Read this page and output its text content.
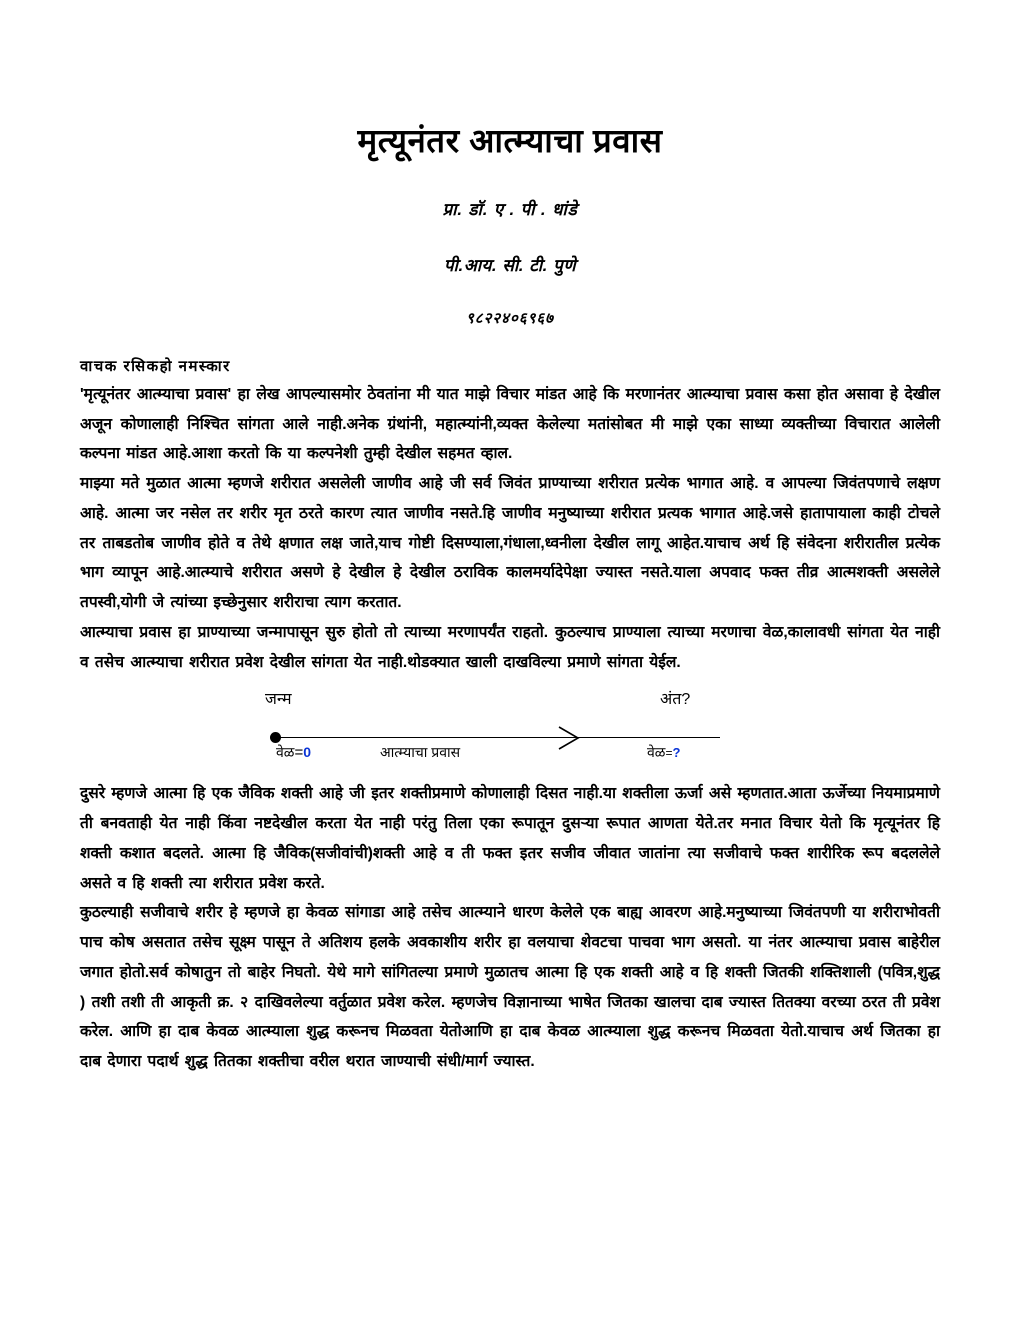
मृत्यूनंतर आत्म्याचा प्रवास

प्रा. डॉ. ए . पी . धांडे

पी.आय. सी. टी. पुणे

९८२२४०६९६७

वाचक रसिकहो नमस्कार

'मृत्यूनंतर आत्म्याचा प्रवास' हा लेख आपल्यासमोर ठेवतांना मी यात माझे विचार मांडत आहे कि मरणानंतर आत्म्याचा प्रवास कसा होत असावा हे देखील अजून कोणालाही निश्चित सांगता आले नाही.अनेक ग्रंथांनी, महात्म्यांनी,व्यक्त केलेल्या मतांसोबत मी माझे एका साध्या व्यक्तीच्या विचारात आलेली कल्पना मांडत आहे.आशा करतो कि या कल्पनेशी तुम्ही देखील सहमत व्हाल.

माझ्या मते मुळात आत्मा म्हणजे शरीरात असलेली जाणीव आहे जी सर्व जिवंत प्राण्याच्या शरीरात प्रत्येक भागात आहे. व आपल्या जिवंतपणाचे लक्षण आहे. आत्मा जर नसेल तर शरीर मृत ठरते कारण त्यात जाणीव नसते.हि जाणीव मनुष्याच्या शरीरात प्रत्यक भागात आहे.जसे हातापायाला काही टोचले तर ताबडतोब जाणीव होते व तेथे क्षणात लक्ष जाते,याच गोष्टी दिसण्याला,गंधाला,ध्वनीला देखील लागू आहेत.याचाच अर्थ हि संवेदना शरीरातील प्रत्येक भाग व्यापून आहे.आत्म्याचे शरीरात असणे हे देखील हे देखील ठराविक कालमर्यादेपेक्षा ज्यास्त नसते.याला अपवाद फक्त तीव्र आत्मशक्ती असलेले तपस्वी,योगी जे त्यांच्या इच्छेनुसार शरीराचा त्याग करतात.

आत्म्याचा प्रवास हा प्राण्याच्या जन्मापासून सुरु होतो तो त्याच्या मरणापर्यंत राहतो. कुठल्याच प्राण्याला त्याच्या मरणाचा वेळ,कालावधी सांगता येत नाही व तसेच आत्म्याचा शरीरात प्रवेश देखील सांगता येत नाही.थोडक्यात खाली दाखविल्या प्रमाणे सांगता येईल.

जन्म	अंत?
आत्म्याचा प्रवास
वेळ=0	वेळ=?

दुसरे म्हणजे आत्मा हि एक जैविक शक्ती आहे जी इतर शक्तीप्रमाणे कोणालाही दिसत नाही.या शक्तीला ऊर्जा असे म्हणतात.आता ऊर्जेच्या नियमाप्रमाणे ती बनवताही येत नाही किंवा नष्टदेखील करता येत नाही परंतु तिला एका रूपातून दुसऱ्या रूपात आणता येते.तर मनात विचार येतो कि मृत्यूनंतर हि शक्ती कशात बदलते. आत्मा हि जैविक(सजीवांची)शक्ती आहे व ती फक्त इतर सजीव जीवात जातांना त्या सजीवाचे फक्त शारीरिक रूप बदललेले असते व हि शक्ती त्या शरीरात प्रवेश करते.

कुठल्याही सजीवाचे शरीर हे म्हणजे हा केवळ सांगाडा आहे तसेच आत्म्याने धारण केलेले एक बाह्य आवरण आहे.मनुष्याच्या जिवंतपणी या शरीराभोवती पाच कोष असतात तसेच सूक्ष्म पासून ते अतिशय हलके अवकाशीय शरीर हा वलयाचा शेवटचा पाचवा भाग असतो. या नंतर आत्म्याचा प्रवास बाहेरील जगात होतो.सर्व कोषातुन तो बाहेर निघतो. येथे मागे सांगितल्या प्रमाणे मुळातच आत्मा हि एक शक्ती आहे व हि शक्ती जितकी शक्तिशाली (पवित्र,शुद्ध ) तशी तशी ती आकृती क्र. २ दाखिवलेल्या वर्तुळात प्रवेश करेल. म्हणजेच विज्ञानाच्या भाषेत जितका खालचा दाब ज्यास्त तितक्या वरच्या ठरत ती प्रवेश करेल. आणि हा दाब केवळ आत्म्याला शुद्ध करूनच मिळवता येतोआणि हा दाब केवळ आत्म्याला शुद्ध करूनच मिळवता येतो.याचाच अर्थ जितका हा दाब देणारा पदार्थ शुद्ध तितका शक्तीचा वरील थरात जाण्याची संधी/मार्ग ज्यास्त.
